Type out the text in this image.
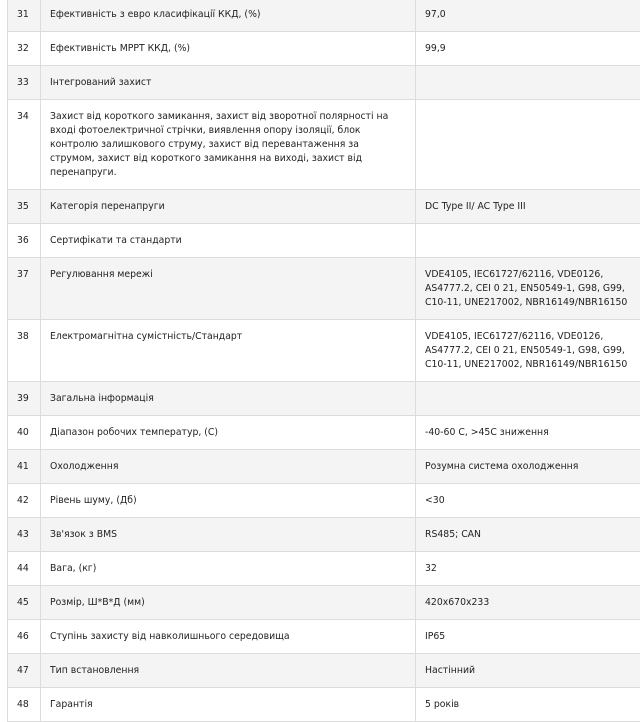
31	Ефективність з евро класифікації ККД, (%)	97,0
32	Ефективність МРРТ ККД, (%)	99,9
33	Інтегрований захист	
34	Захист від короткого замикання, захист від зворотної полярності на вході фотоелектричної стрічки, виявлення опору ізоляції, блок контролю залишкового струму, захист від перевантаження за струмом, захист від короткого замикання на виході, захист від перенапруги.	
35	Категорія перенапруги	DC Type II/ AC Type III
36	Сертифікати та стандарти	
37	Регулювання мережі	VDE4105, IEC61727/62116, VDE0126, AS4777.2, CEI 0 21, EN50549-1, G98, G99, C10-11, UNE217002, NBR16149/NBR16150
38	Електромагнітна сумістність/Стандарт	VDE4105, IEC61727/62116, VDE0126, AS4777.2, CEI 0 21, EN50549-1, G98, G99, C10-11, UNE217002, NBR16149/NBR16150
39	Загальна інформація	
40	Діапазон робочих температур, (С)	-40-60 С, >45С зниження
41	Охолодження	Розумна система охолодження
42	Рівень шуму, (Дб)	<30
43	Зв'язок з BMS	RS485; CAN
44	Вага, (кг)	32
45	Розмір, Ш*В*Д (мм)	420х670х233
46	Ступінь захисту від навколишнього середовища	IP65
47	Тип встановлення	Настінний
48	Гарантія	5 років
